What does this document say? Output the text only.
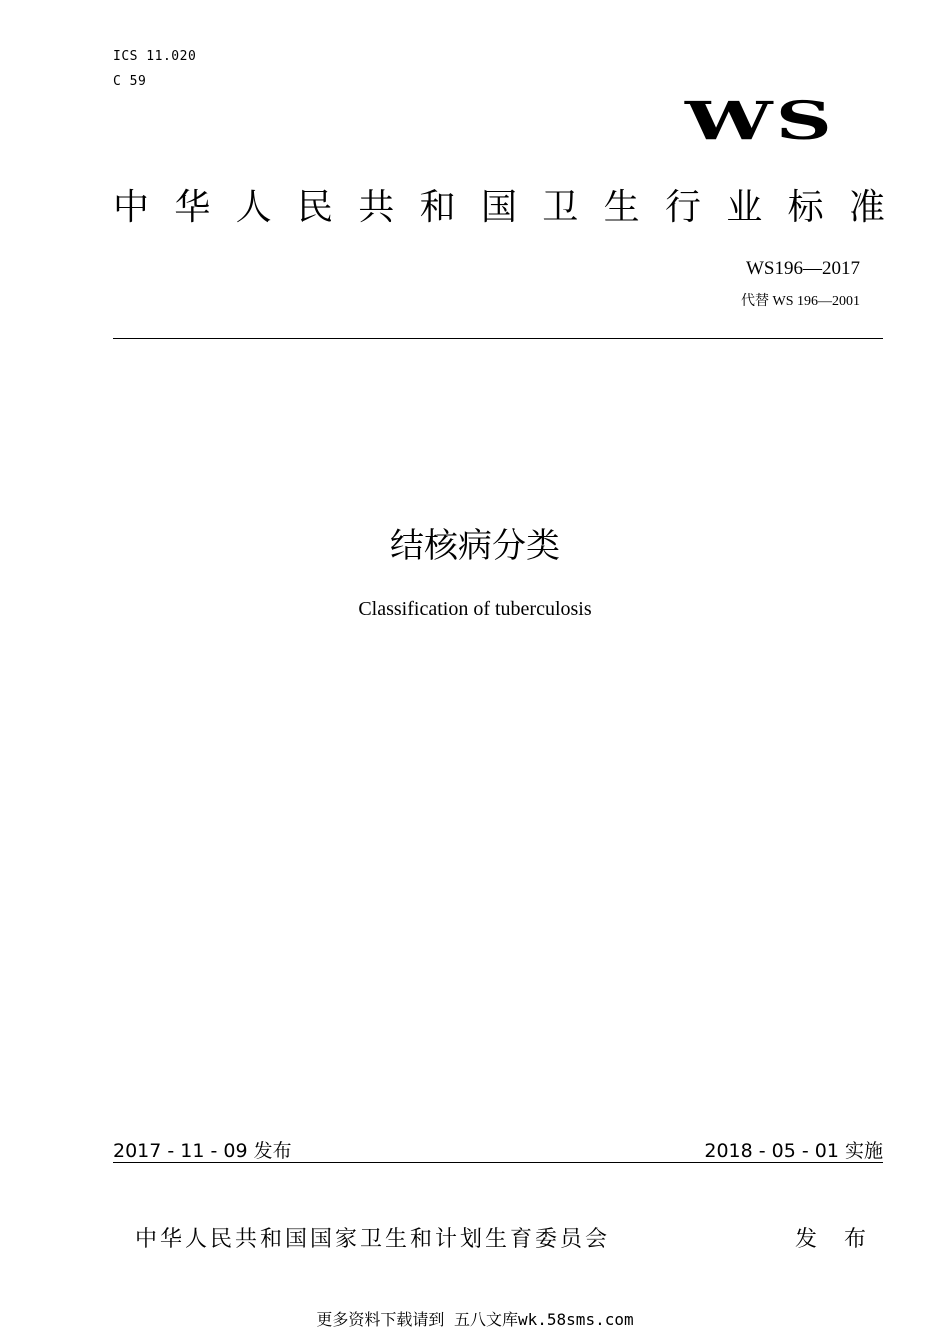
ICS 11.020
C 59
WS
中 华 人 民 共 和 国 卫 生 行 业 标 准
WS196—2017
代替 WS 196—2001
结核病分类
Classification of tuberculosis
2017 - 11 - 09 发布	2018 - 05 - 01 实施
中华人民共和国国家卫生和计划生育委员会	发 布
更多资料下载请到 五八文库wk.58sms.com
